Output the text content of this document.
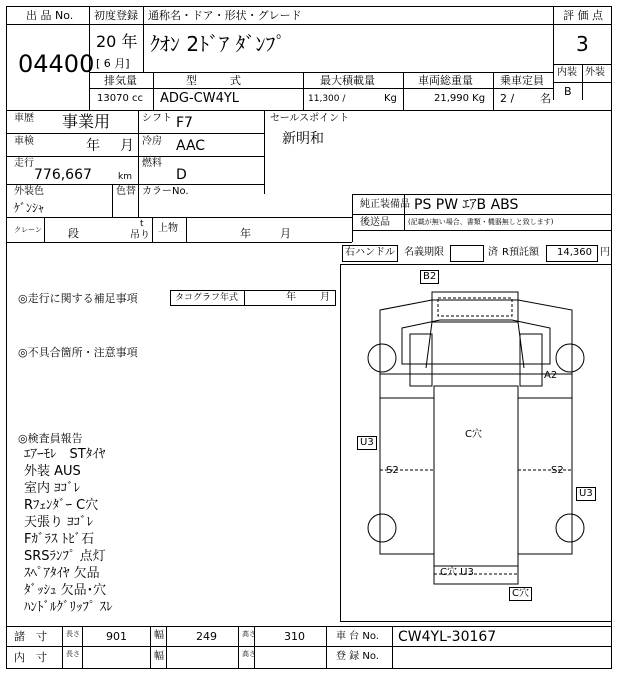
出 品 No.
04400
初度登録
20 年
[ 6 月]
通称名・ドア・形状・グレード
ｸｵﾝ 2ﾄﾞｱ ﾀﾞﾝﾌﾟ
評 価 点
3
内装 外装
B
排気量	型　　　式	最大積載量	車両総重量 乗車定員
13070 cc ADG-CW4YL	11,300 /	Kg	21,990 Kg 2 / 名
車歴 事業用	シフト F7
車検	年 月 冷房 AAC
走行
776,667	km
燃料
D
外装色
ｹﾞﾝｼｬ
色替 カラーNo.
セールスポイント
新明和
純正装備品 PS PW ｴｱB ABS
後送品	(記載が無い場合、書類・機器無しと致します)
クレーン 段
t
吊り
上物	年	月
右ハンドル 名義期限	済 R預託額 14,360 円
◎走行に関する補足事項	タコグラフ年式	年 月
◎不具合箇所・注意事項
◎検査員報告
ｴｱｰﾓﾚ　STﾀｲﾔ
外装 AUS
室内 ﾖｺﾞﾚ
Rﾌｪﾝﾀﾞｰ C穴
天張り ﾖｺﾞﾚ
Fｶﾞﾗｽ ﾄﾋﾞ石
SRSﾗﾝﾌﾟ 点灯
ｽﾍﾟｱﾀｲﾔ 欠品
ﾀﾞｯｼｭ 欠品･穴
ﾊﾝﾄﾞﾙｸﾞﾘｯﾌﾟ ｽﾚ
B2
A2
C穴
U3
S2	S2
U3
C穴 U3
C穴
諸　寸	長さ 901	幅	249	高さ	310	車 台 No. CW4YL-30167
内　寸	長さ	幅	高さ	登 録 No.
